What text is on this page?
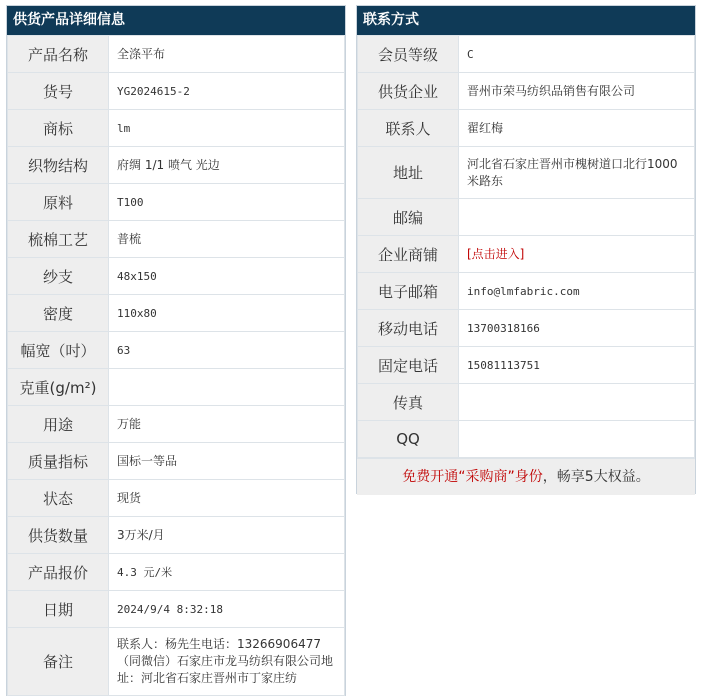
供货产品详细信息
产品名称	全涤平布
货号	YG2024615-2
商标	lm
织物结构	府绸 1/1 喷气 光边
原料	T100
梳棉工艺	普梳
纱支	48x150
密度	110x80
幅宽（吋）	63
克重(g/m²)	
用途	万能
质量指标	国标一等品
状态	现货
供货数量	3万米/月
产品报价	4.3 元/米
日期	2024/9/4 8:32:18
备注	联系人：杨先生电话：13266906477（同微信）石家庄市龙马纺织有限公司地址：河北省石家庄晋州市丁家庄纺
联系方式
会员等级	C
供货企业	晋州市荣马纺织品销售有限公司
联系人	翟红梅
地址	河北省石家庄晋州市槐树道口北行1000米路东
邮编	
企业商铺	[点击进入]
电子邮箱	info@lmfabric.com
移动电话	13700318166
固定电话	15081113751
传真	
QQ	
免费开通“采购商”身份，畅享5大权益。
